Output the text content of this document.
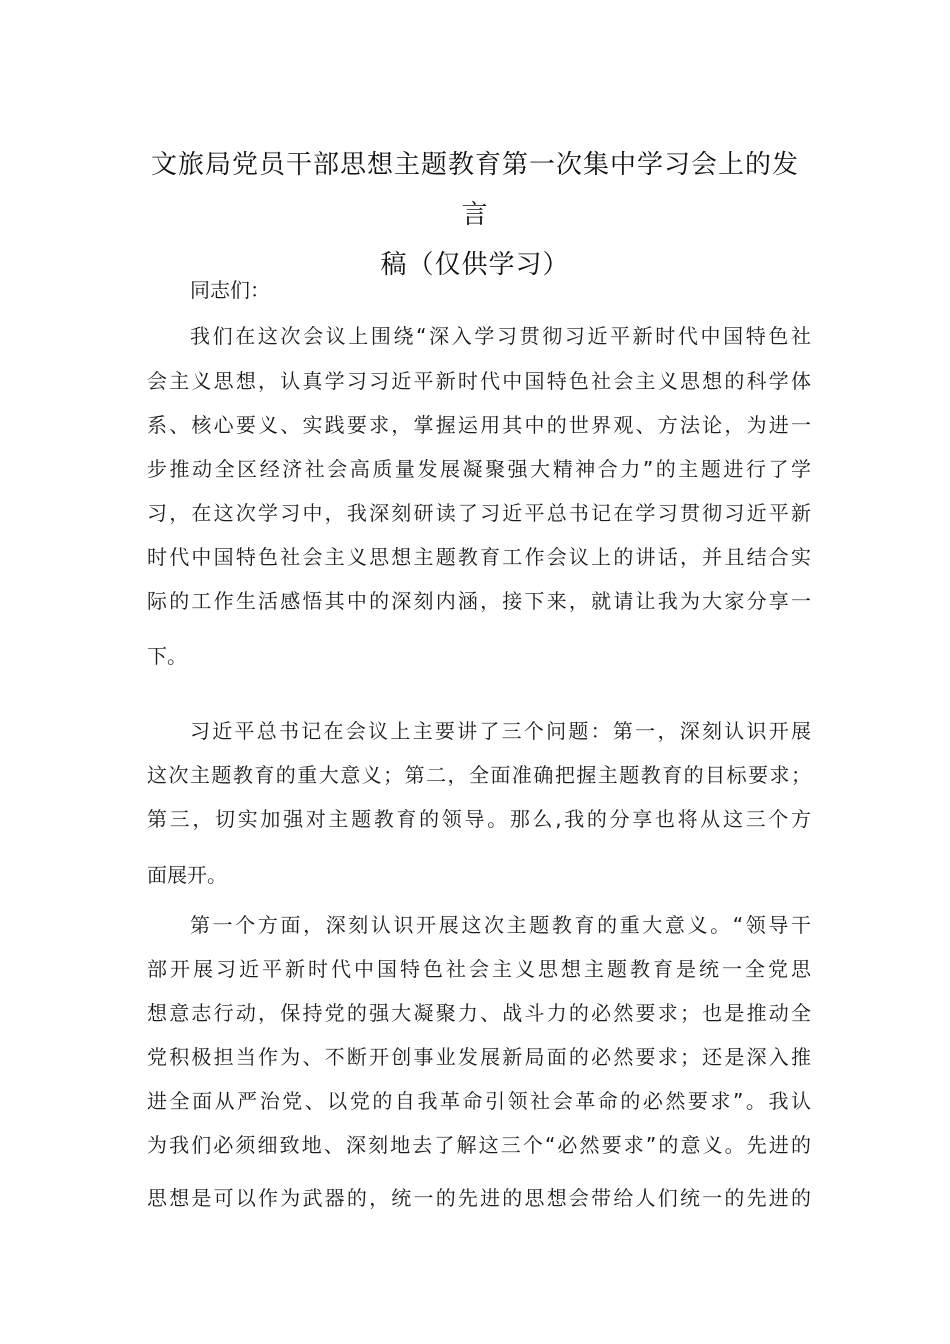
文旅局党员干部思想主题教育第一次集中学习会上的发言
稿（仅供学习）
同志们：
我们在这次会议上围绕“深入学习贯彻习近平新时代中国特色社
会主义思想，认真学习习近平新时代中国特色社会主义思想的科学体
系、核心要义、实践要求，掌握运用其中的世界观、方法论，为进一
步推动全区经济社会高质量发展凝聚强大精神合力”的主题进行了学
习，在这次学习中，我深刻研读了习近平总书记在学习贯彻习近平新
时代中国特色社会主义思想主题教育工作会议上的讲话，并且结合实
际的工作生活感悟其中的深刻内涵，接下来，就请让我为大家分享一
下。
习近平总书记在会议上主要讲了三个问题：第一，深刻认识开展
这次主题教育的重大意义；第二，全面准确把握主题教育的目标要求；
第三，切实加强对主题教育的领导。那么,我的分享也将从这三个方
面展开。
第一个方面，深刻认识开展这次主题教育的重大意义。“领导干
部开展习近平新时代中国特色社会主义思想主题教育是统一全党思
想意志行动，保持党的强大凝聚力、战斗力的必然要求；也是推动全
党积极担当作为、不断开创事业发展新局面的必然要求；还是深入推
进全面从严治党、以党的自我革命引领社会革命的必然要求”。我认
为我们必须细致地、深刻地去了解这三个“必然要求”的意义。先进的
思想是可以作为武器的，统一的先进的思想会带给人们统一的先进的
